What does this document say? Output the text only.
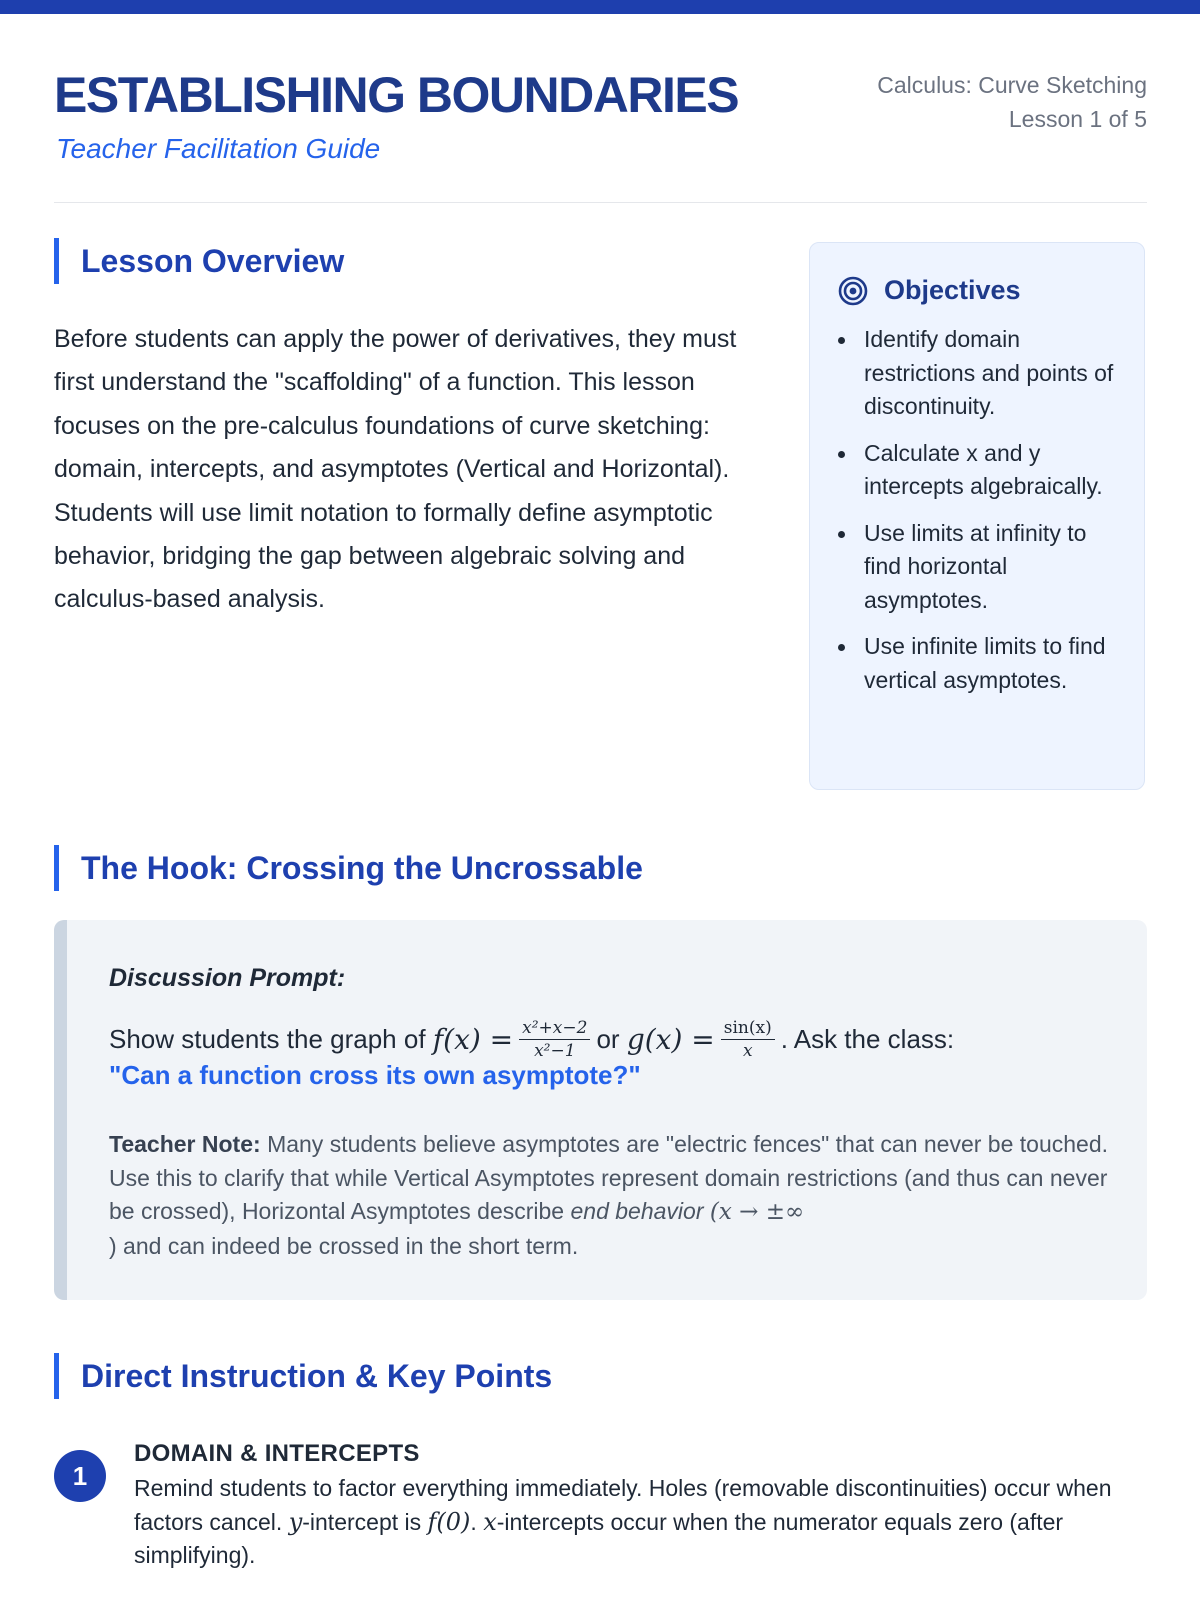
ESTABLISHING BOUNDARIES
Teacher Facilitation Guide
Calculus: Curve Sketching
Lesson 1 of 5
Lesson Overview

Before students can apply the power of derivatives, they must first understand the "scaffolding" of a function. This lesson focuses on the pre-calculus foundations of curve sketching: domain, intercepts, and asymptotes (Vertical and Horizontal). Students will use limit notation to formally define asymptotic behavior, bridging the gap between algebraic solving and calculus-based analysis.

Objectives
Identify domain restrictions and points of discontinuity.
Calculate x and y intercepts algebraically.
Use limits at infinity to find horizontal asymptotes.
Use infinite limits to find vertical asymptotes.
The Hook: Crossing the Uncrossable
Discussion Prompt:
Show students the graph of
$f(x) = \frac{\text{x²+x−2}}{\text{x²−1}}$ or
$g(x) = \frac{\sin(x)}{x}$ . Ask the class:
"Can a function cross its own asymptote?"

Teacher Note: Many students believe asymptotes are "electric fences" that can never be touched. Use this to clarify that while Vertical Asymptotes represent domain restrictions (and thus can never be crossed), Horizontal Asymptotes describe end behavior (x → ±∞
) and can indeed be crossed in the short term.

Direct Instruction & Key Points
1
DOMAIN & INTERCEPTS

Remind students to factor everything immediately. Holes (removable discontinuities) occur when factors cancel. y-intercept is f(0). x-intercepts occur when the numerator equals zero (after simplifying).
